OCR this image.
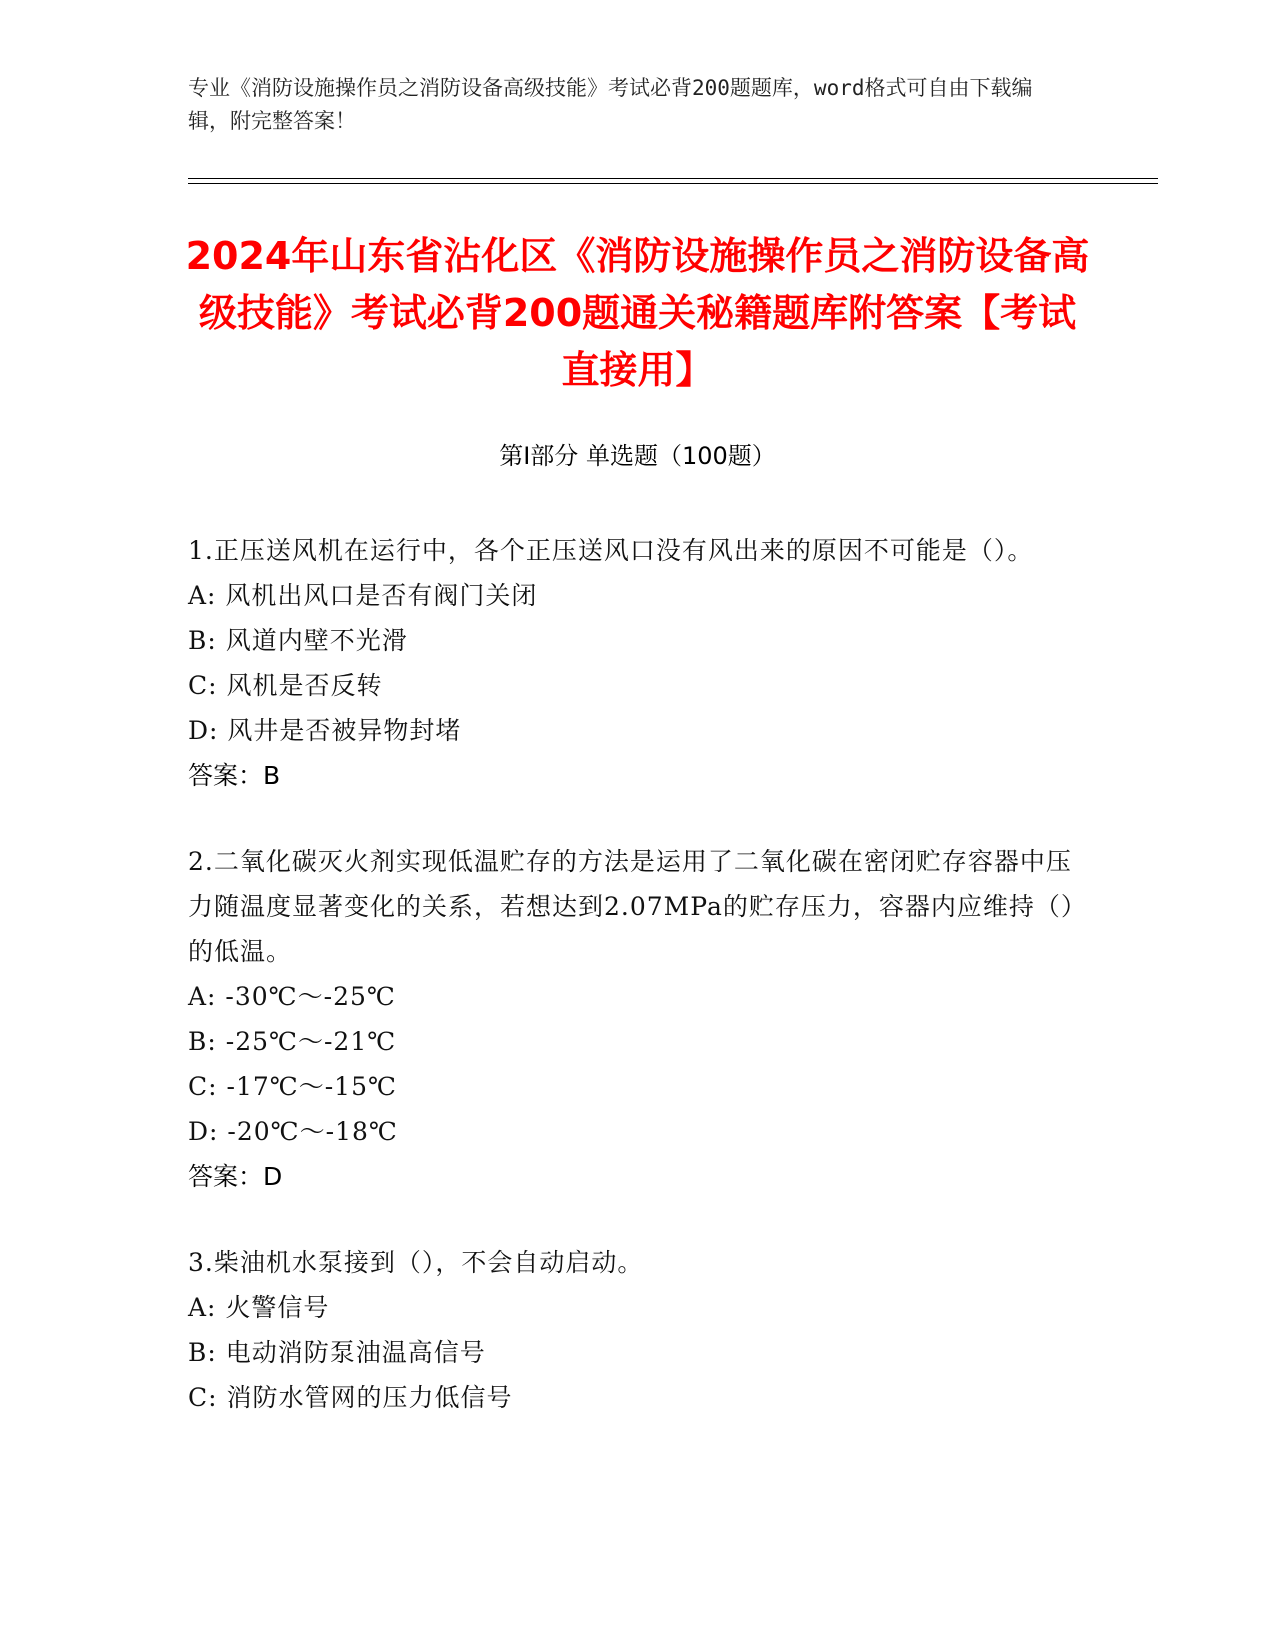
专业《消防设施操作员之消防设备高级技能》考试必背200题题库，word格式可自由下载编辑，附完整答案！
2024年山东省沾化区《消防设施操作员之消防设备高级技能》考试必背200题通关秘籍题库附答案【考试直接用】
第I部分 单选题（100题）
1.正压送风机在运行中，各个正压送风口没有风出来的原因不可能是（）。
A: 风机出风口是否有阀门关闭
B: 风道内壁不光滑
C: 风机是否反转
D: 风井是否被异物封堵
答案：B
2.二氧化碳灭火剂实现低温贮存的方法是运用了二氧化碳在密闭贮存容器中压力随温度显著变化的关系，若想达到2.07MPa的贮存压力，容器内应维持（）的低温。
A: -30℃～-25℃
B: -25℃～-21℃
C: -17℃～-15℃
D: -20℃～-18℃
答案：D
3.柴油机水泵接到（），不会自动启动。
A: 火警信号
B: 电动消防泵油温高信号
C: 消防水管网的压力低信号
